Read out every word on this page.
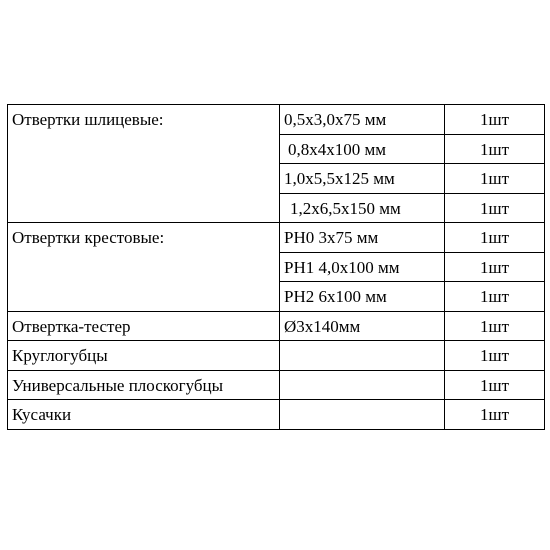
Отвертки шлицевые:	0,5х3,0х75 мм	1шт
	0,8х4х100 мм	1шт
	1,0х5,5х125 мм	1шт
	1,2х6,5х150 мм	1шт
Отвертки крестовые:	PH0 3х75 мм	1шт
	PH1 4,0х100 мм	1шт
	PH2 6х100 мм	1шт
Отвертка-тестер	Ø3х140мм	1шт
Круглогубцы		1шт
Универсальные плоскогубцы		1шт
Кусачки		1шт
